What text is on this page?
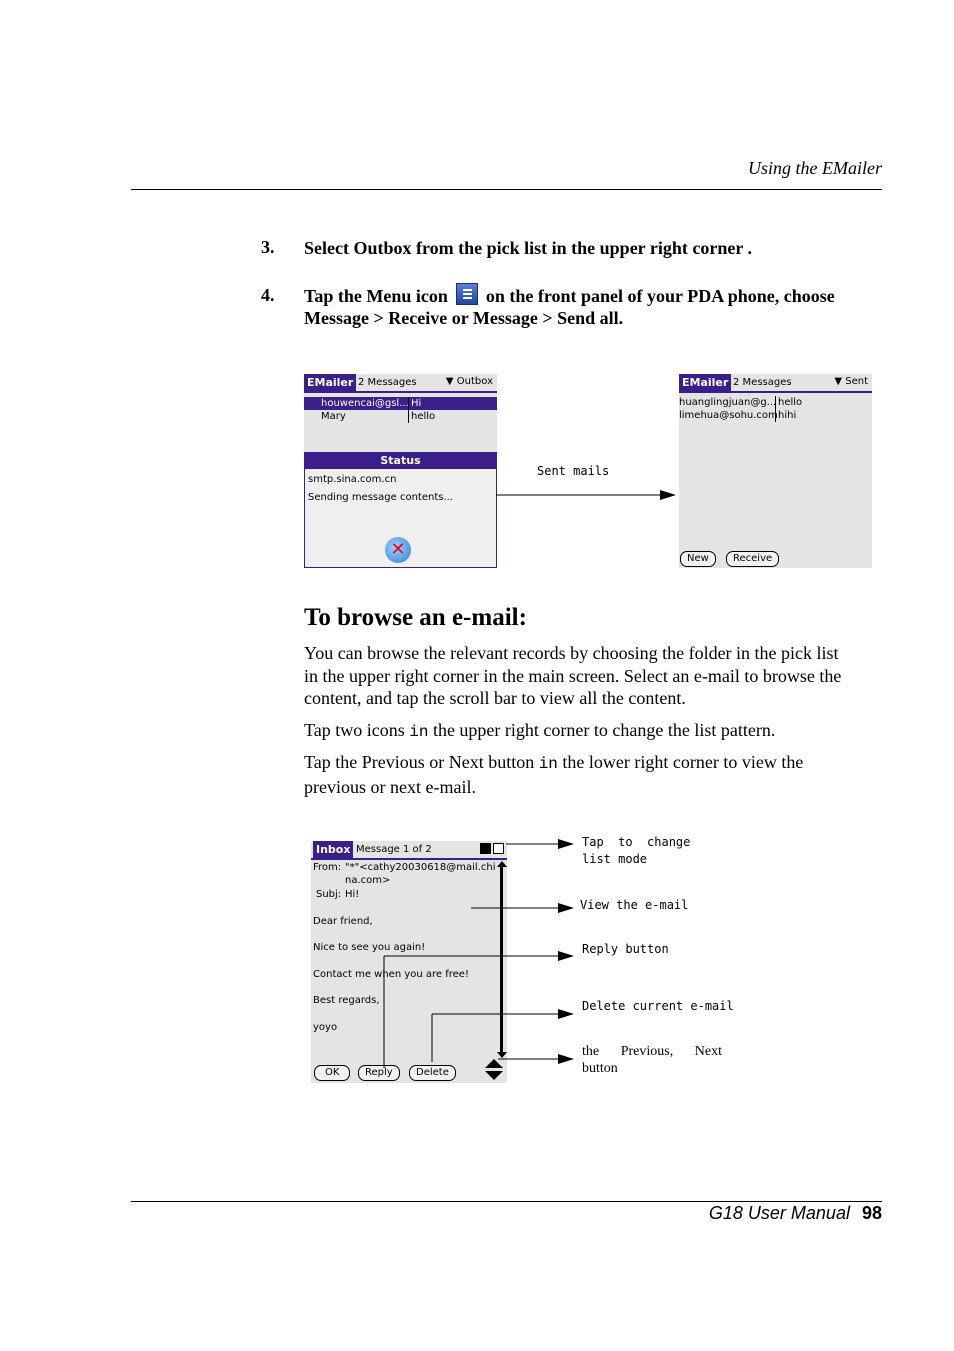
Using the EMailer
3. Select Outbox from the pick list in the upper right corner .
4. Tap the Menu icon on the front panel of your PDA phone, choose
Message > Receive or Message > Send all.
EMailer 2 Messages	▼ Outbox
houwencai@gsl... Hi
Mary	hello
Status
smtp.sina.com.cn
Sending message contents...
✕
Sent mails
EMailer 2 Messages	▼ Sent
huanglingjuan@g... hello
limehua@sohu.com hihi
New	Receive
To browse an e-mail:
You can browse the relevant records by choosing the folder in the pick list
in the upper right corner in the main screen. Select an e-mail to browse the
content, and tap the scroll bar to view all the content.
Tap two icons in the upper right corner to change the list pattern.
Tap the Previous or Next button in the lower right corner to view the
previous or next e-mail.
Inbox Message 1 of 2
From: "*"<cathy20030618@mail.chi
na.com>
Subj: Hi!
Dear friend,
Nice to see you again!
Contact me when you are free!
Best regards,
yoyo
OK	Reply	Delete
Tap  to  change
list mode
View the e-mail
Reply button
Delete current e-mail
the Previous, Next
button
G18 User Manual 98
